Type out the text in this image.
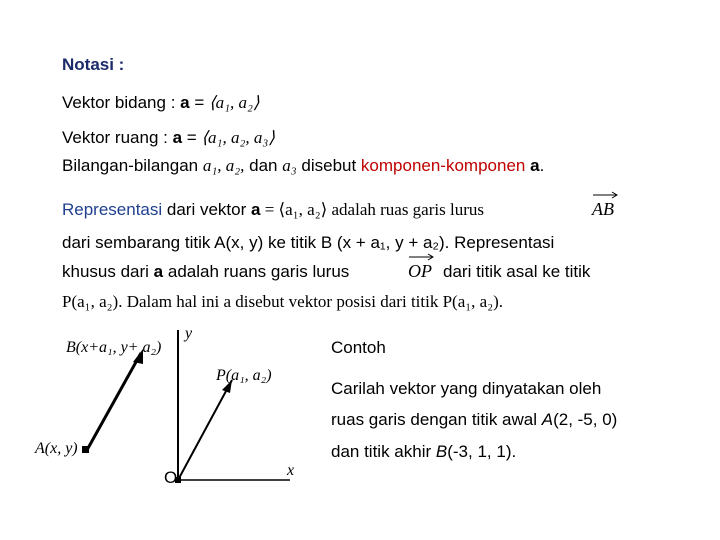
Notasi :
Vektor bidang : a = ⟨a₁, a₂⟩
Vektor ruang : a = ⟨a₁, a₂, a₃⟩
Bilangan-bilangan a₁, a₂, dan a₃ disebut komponen-komponen a.
Representasi dari vektor a = ⟨a₁, a₂⟩ adalah ruas garis lurus	AB
dari sembarang titik A(x, y) ke titik B (x + a₁, y + a₂). Representasi
khusus dari a adalah ruans garis lurus	OP dari titik asal ke titik
P(a₁, a₂). Dalam hal ini a disebut vektor posisi dari titik P(a₁, a₂).
B(x+a₁, y+ a₂)
y
P(a₁, a₂)
A(x, y)
O	x
Contoh
Carilah vektor yang dinyatakan oleh
ruas garis dengan titik awal A(2, -5, 0)
dan titik akhir B(-3, 1, 1).
